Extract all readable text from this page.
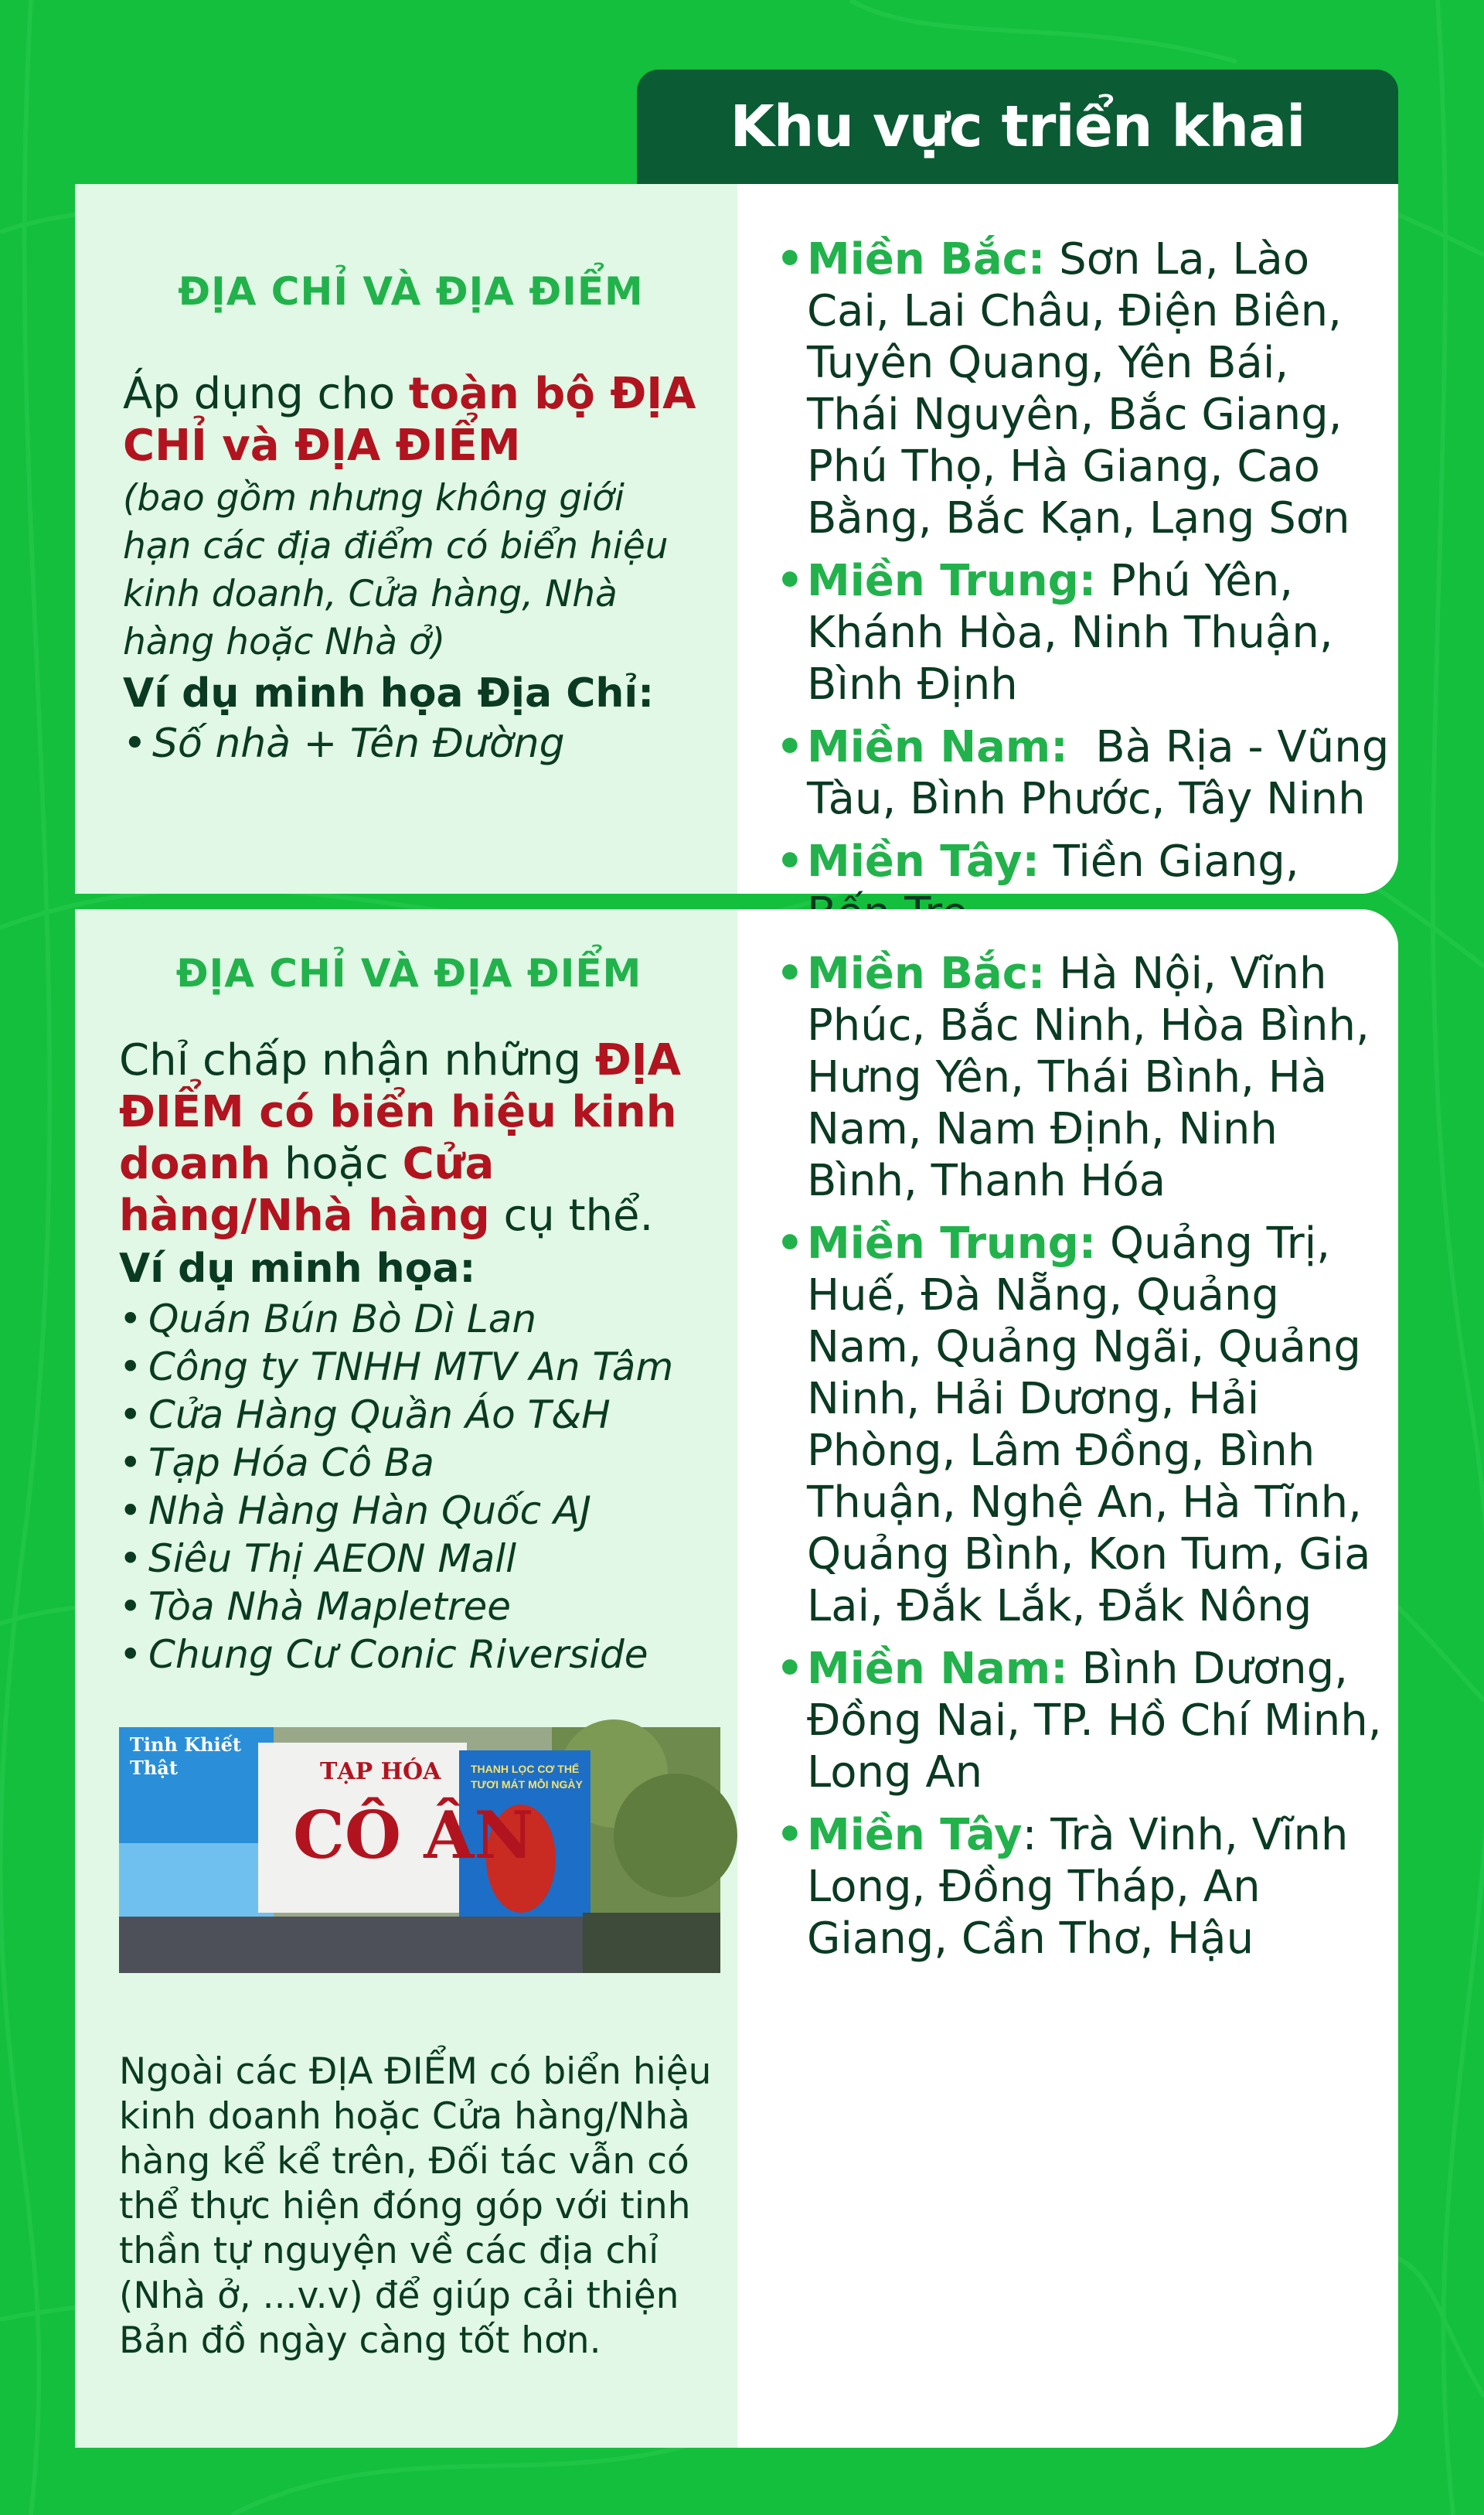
Khu vực triển khai
ĐỊA CHỈ VÀ ĐỊA ĐIỂM
Áp dụng cho toàn bộ ĐỊA CHỈ và ĐỊA ĐIỂM
(bao gồm nhưng không giới hạn các địa điểm có biển hiệu kinh doanh, Cửa hàng, Nhà hàng hoặc Nhà ở)
Ví dụ minh họa Địa Chỉ:
• Số nhà + Tên Đường
• Miền Bắc: Sơn La, Lào Cai, Lai Châu, Điện Biên, Tuyên Quang, Yên Bái, Thái Nguyên, Bắc Giang, Phú Thọ, Hà Giang, Cao Bằng, Bắc Kạn, Lạng Sơn
• Miền Trung: Phú Yên, Khánh Hòa, Ninh Thuận, Bình Định
• Miền Nam:  Bà Rịa - Vũng Tàu, Bình Phước, Tây Ninh
• Miền Tây: Tiền Giang,
ĐỊA CHỈ VÀ ĐỊA ĐIỂM
Chỉ chấp nhận những ĐỊA ĐIỂM có biển hiệu kinh doanh hoặc Cửa hàng/Nhà hàng cụ thể.
Ví dụ minh họa:
• Quán Bún Bò Dì Lan
• Công ty TNHH MTV An Tâm
• Cửa Hàng Quần Áo T&H
• Tạp Hóa Cô Ba
• Nhà Hàng Hàn Quốc AJ
• Siêu Thị AEON Mall
• Tòa Nhà Mapletree
• Chung Cư Conic Riverside
Tinh Khiết Thật	TẠP HÓA
CÔ ÂN
THANH LỌC CƠ THỂ TƯƠI MÁT MỖI NGÀY
Ngoài các ĐỊA ĐIỂM có biển hiệu kinh doanh hoặc Cửa hàng/Nhà hàng kể kể trên, Đối tác vẫn có thể thực hiện đóng góp với tinh thần tự nguyện về các địa chỉ (Nhà ở, ...v.v) để giúp cải thiện Bản đồ ngày càng tốt hơn.
• Miền Bắc: Hà Nội, Vĩnh Phúc, Bắc Ninh, Hòa Bình, Hưng Yên, Thái Bình, Hà Nam, Nam Định, Ninh Bình, Thanh Hóa
• Miền Trung: Quảng Trị, Huế, Đà Nẵng, Quảng Nam, Quảng Ngãi, Quảng Ninh, Hải Dương, Hải Phòng, Lâm Đồng, Bình Thuận, Nghệ An, Hà Tĩnh, Quảng Bình, Kon Tum, Gia Lai, Đắk Lắk, Đắk Nông
• Miền Nam: Bình Dương, Đồng Nai, TP. Hồ Chí Minh, Long An
• Miền Tây: Trà Vinh, Vĩnh Long, Đồng Tháp, An Giang, Cần Thơ, Hậu
